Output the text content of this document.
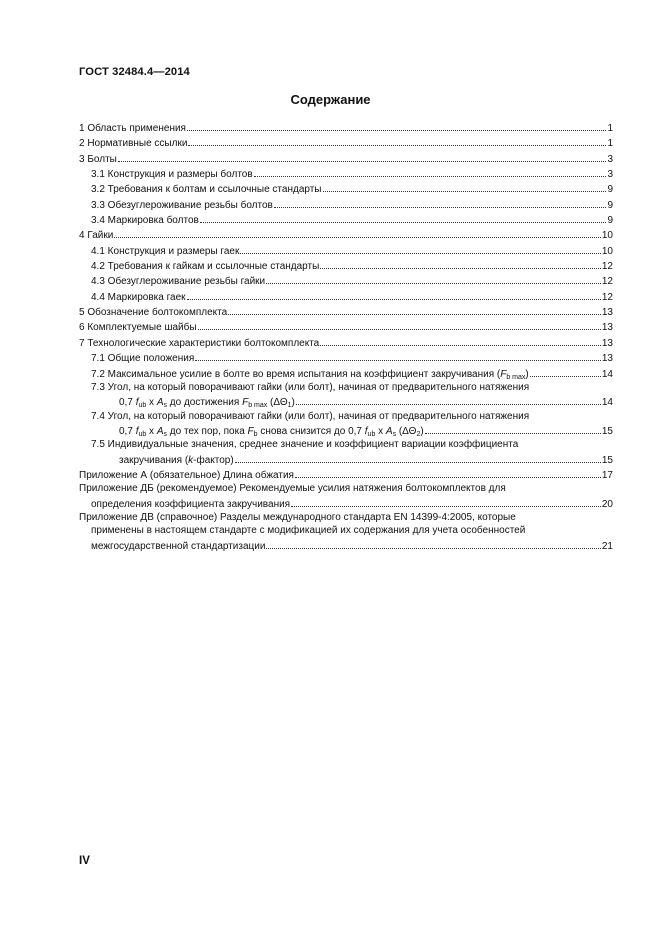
ГОСТ 32484.4—2014
Содержание
1 Область применения	1
2 Нормативные ссылки	1
3 Болты	3
3.1 Конструкция и размеры болтов	3
3.2 Требования к болтам и ссылочные стандарты	9
3.3 Обезуглероживание резьбы болтов	9
3.4 Маркировка болтов	9
4 Гайки	10
4.1 Конструкция и размеры гаек	10
4.2 Требования к гайкам и ссылочные стандарты	12
4.3 Обезуглероживание резьбы гайки	12
4.4 Маркировка гаек	12
5 Обозначение болтокомплекта	13
6 Комплектуемые шайбы	13
7 Технологические характеристики болтокомплекта	13
7.1 Общие положения	13
7.2 Максимальное усилие в болте во время испытания на коэффициент закручивания $(F_{b max})$	14
7.3 Угол, на который поворачивают гайки (или болт), начиная от предварительного натяжения
0,7 $f_{ub}$ x $A_s$ до достижения $F_{b max}$ $(\Delta\Theta_1)$	14
7.4 Угол, на который поворачивают гайки (или болт), начиная от предварительного натяжения
0,7 $f_{ub}$ x $A_s$ до тех пор, пока $F_b$ снова снизится до 0,7 $f_{ub}$ x $A_s$ $(\Delta\Theta_2)$	15
7.5 Индивидуальные значения, среднее значение и коэффициент вариации коэффициента
закручивания (k-фактор)	15
Приложение А (обязательное) Длина обжатия	17
Приложение ДБ (рекомендуемое) Рекомендуемые усилия натяжения болтокомплектов для
определения коэффициента закручивания	20
Приложение ДВ (справочное) Разделы международного стандарта EN 14399-4:2005, которые
применены в настоящем стандарте с модификацией их содержания для учета особенностей
межгосударственной стандартизации	21
IV
